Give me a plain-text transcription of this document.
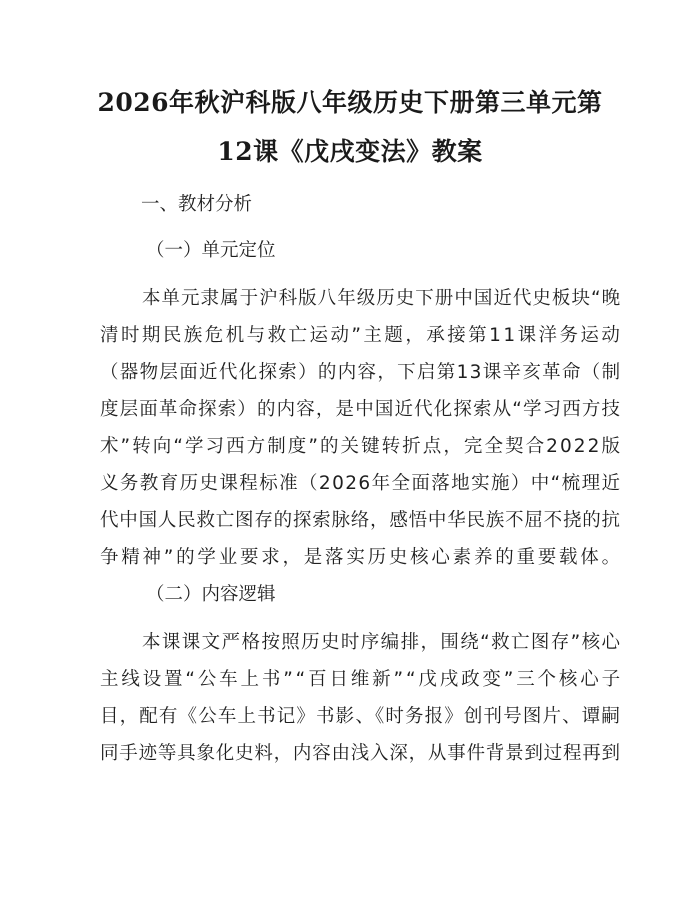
2026年秋沪科版八年级历史下册第三单元第
12课《戊戌变法》教案
一、教材分析
（一）单元定位
本单元隶属于沪科版八年级历史下册中国近代史板块“晚
清时期民族危机与救亡运动”主题，承接第11课洋务运动
（器物层面近代化探索）的内容，下启第13课辛亥革命（制
度层面革命探索）的内容，是中国近代化探索从“学习西方技
术”转向“学习西方制度”的关键转折点，完全契合2022版
义务教育历史课程标准（2026年全面落地实施）中“梳理近
代中国人民救亡图存的探索脉络，感悟中华民族不屈不挠的抗
争精神”的学业要求，是落实历史核心素养的重要载体。
（二）内容逻辑
本课课文严格按照历史时序编排，围绕“救亡图存”核心
主线设置“公车上书”“百日维新”“戊戌政变”三个核心子
目，配有《公车上书记》书影、《时务报》创刊号图片、谭嗣
同手迹等具象化史料，内容由浅入深，从事件背景到过程再到
